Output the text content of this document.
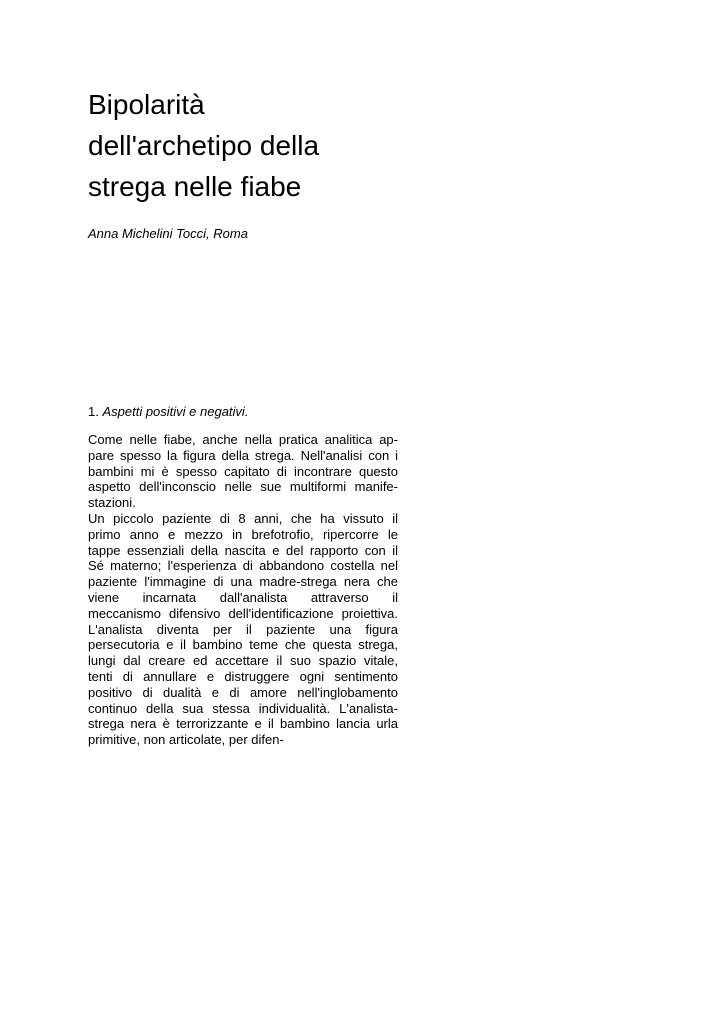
Bipolarità
dell'archetipo della
strega nelle fiabe

Anna Michelini Tocci, Roma

1. Aspetti positivi e negativi.

Come nelle fiabe, anche nella pratica analitica ap-
pare spesso la figura della strega. Nell'analisi con i
bambini mi è spesso capitato di incontrare questo
aspetto dell'inconscio nelle sue multiformi manife-
stazioni.
Un piccolo paziente di 8 anni, che ha vissuto il
primo anno e mezzo in brefotrofio, ripercorre le
tappe essenziali della nascita e del rapporto con il
Sé materno; l'esperienza di abbandono costella nel
paziente l'immagine di una madre-strega nera che
viene incarnata dall'analista attraverso il
meccanismo difensivo dell'identificazione proiettiva.
L'analista diventa per il paziente una figura
persecutoria e il bambino teme che questa strega,
lungi dal creare ed accettare il suo spazio vitale,
tenti di annullare e distruggere ogni sentimento
positivo di dualità e di amore nell'inglobamento
continuo della sua stessa individualità. L'analista-
strega nera è terrorizzante e il bambino lancia urla
primitive, non articolate, per difen-
